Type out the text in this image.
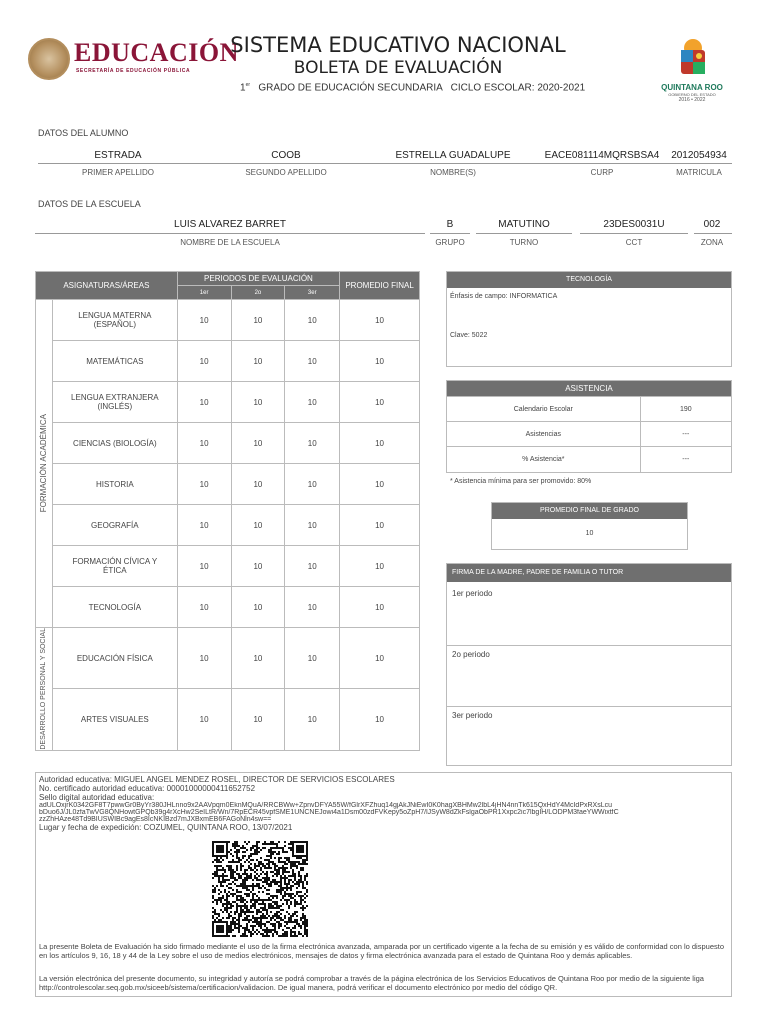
EDUCACIÓN
SECRETARÍA DE EDUCACIÓN PÚBLICA
SISTEMA EDUCATIVO NACIONAL
BOLETA DE EVALUACIÓN
1er GRADO DE EDUCACIÓN SECUNDARIA CICLO ESCOLAR: 2020-2021	QUINTANA ROO
GOBIERNO DEL ESTADO
2016 • 2022
DATOS DEL ALUMNO
ESTRADA	COOB	ESTRELLA GUADALUPE	EACE081114MQRSBSA4	2012054934
PRIMER APELLIDO	SEGUNDO APELLIDO	NOMBRE(S)	CURP	MATRICULA
DATOS DE LA ESCUELA
LUIS ALVAREZ BARRET	B	MATUTINO	23DES0031U	002
NOMBRE DE LA ESCUELA	GRUPO	TURNO	CCT	ZONA
ASIGNATURAS/ÁREAS		PERIODOS DE EVALUACIÓN			PROMEDIO FINAL
		1er	2o	3er	

FORMACIÓN ACADÉMICA	LENGUA MATERNA (ESPAÑOL)	10	10	10	10
	MATEMÁTICAS	10	10	10	10
	LENGUA EXTRANJERA (INGLÉS)	10	10	10	10
	CIENCIAS (BIOLOGÍA)	10	10	10	10
	HISTORIA	10	10	10	10
	GEOGRAFÍA	10	10	10	10
	FORMACIÓN CÍVICA Y ÉTICA	10	10	10	10
	TECNOLOGÍA	10	10	10	10

DESARROLLO PERSONAL Y SOCIAL	EDUCACIÓN FÍSICA	10	10	10	10
	ARTES VISUALES	10	10	10	10
TECNOLOGÍA
Énfasis de campo: INFORMATICA
Clave: 5022
ASISTENCIA
Calendario Escolar	190
Asistencias	---
% Asistencia*	---
* Asistencia mínima para ser promovido: 80%
PROMEDIO FINAL DE GRADO
10
FIRMA DE LA MADRE, PADRE DE FAMILIA O TUTOR
1er periodo
2o periodo
3er periodo
Autoridad educativa: MIGUEL ANGEL MENDEZ ROSEL, DIRECTOR DE SERVICIOS ESCOLARES
No. certificado autoridad educativa: 00001000000411652752
Sello digital autoridad educativa:
adULOxjrK0342GF8T7pwwGr0ByYr380JHLnno9x2AAVpqm0EknMQuA/RRCBWw+ZpnvDFYA55W/fGlrXFZhuq14gjAkJNiEwI0K0hagXBHMw2lbL4jHN4nnTk615QxHdY4McIdPxRXsLcu
bDuo6J/JL0zfaTwVG8QNHowtGPQb39g4rXcHw2SeILtR/Wn/7RpECR45vpfSME1UNCNEJowi4a1Dsm00zdFVKepy5oZpH7/lJSyW8dZkFslgaObPR1Xxpc2ic7lbgIH/LODPM3faeYWWixtfC
zzZhHAze48Td9BIUSWIBc9agEs8IcNKIBzd7mJXBxmEB6FAGoNln4sw==
Lugar y fecha de expedición: COZUMEL, QUINTANA ROO, 13/07/2021
La presente Boleta de Evaluación ha sido firmado mediante el uso de la firma electrónica avanzada, amparada por un certificado vigente a la fecha de su emisión y es válido de conformidad con lo dispuesto en los artículos 9, 16, 18 y 44 de la Ley sobre el uso de medios electrónicos, mensajes de datos y firma electrónica avanzada para el estado de Quintana Roo y demás aplicables.
La versión electrónica del presente documento, su integridad y autoría se podrá comprobar a través de la página electrónica de los Servicios Educativos de Quintana Roo por medio de la siguiente liga http://controlescolar.seq.gob.mx/siceeb/sistema/certificacion/validacion. De igual manera, podrá verificar el documento electrónico por medio del código QR.
